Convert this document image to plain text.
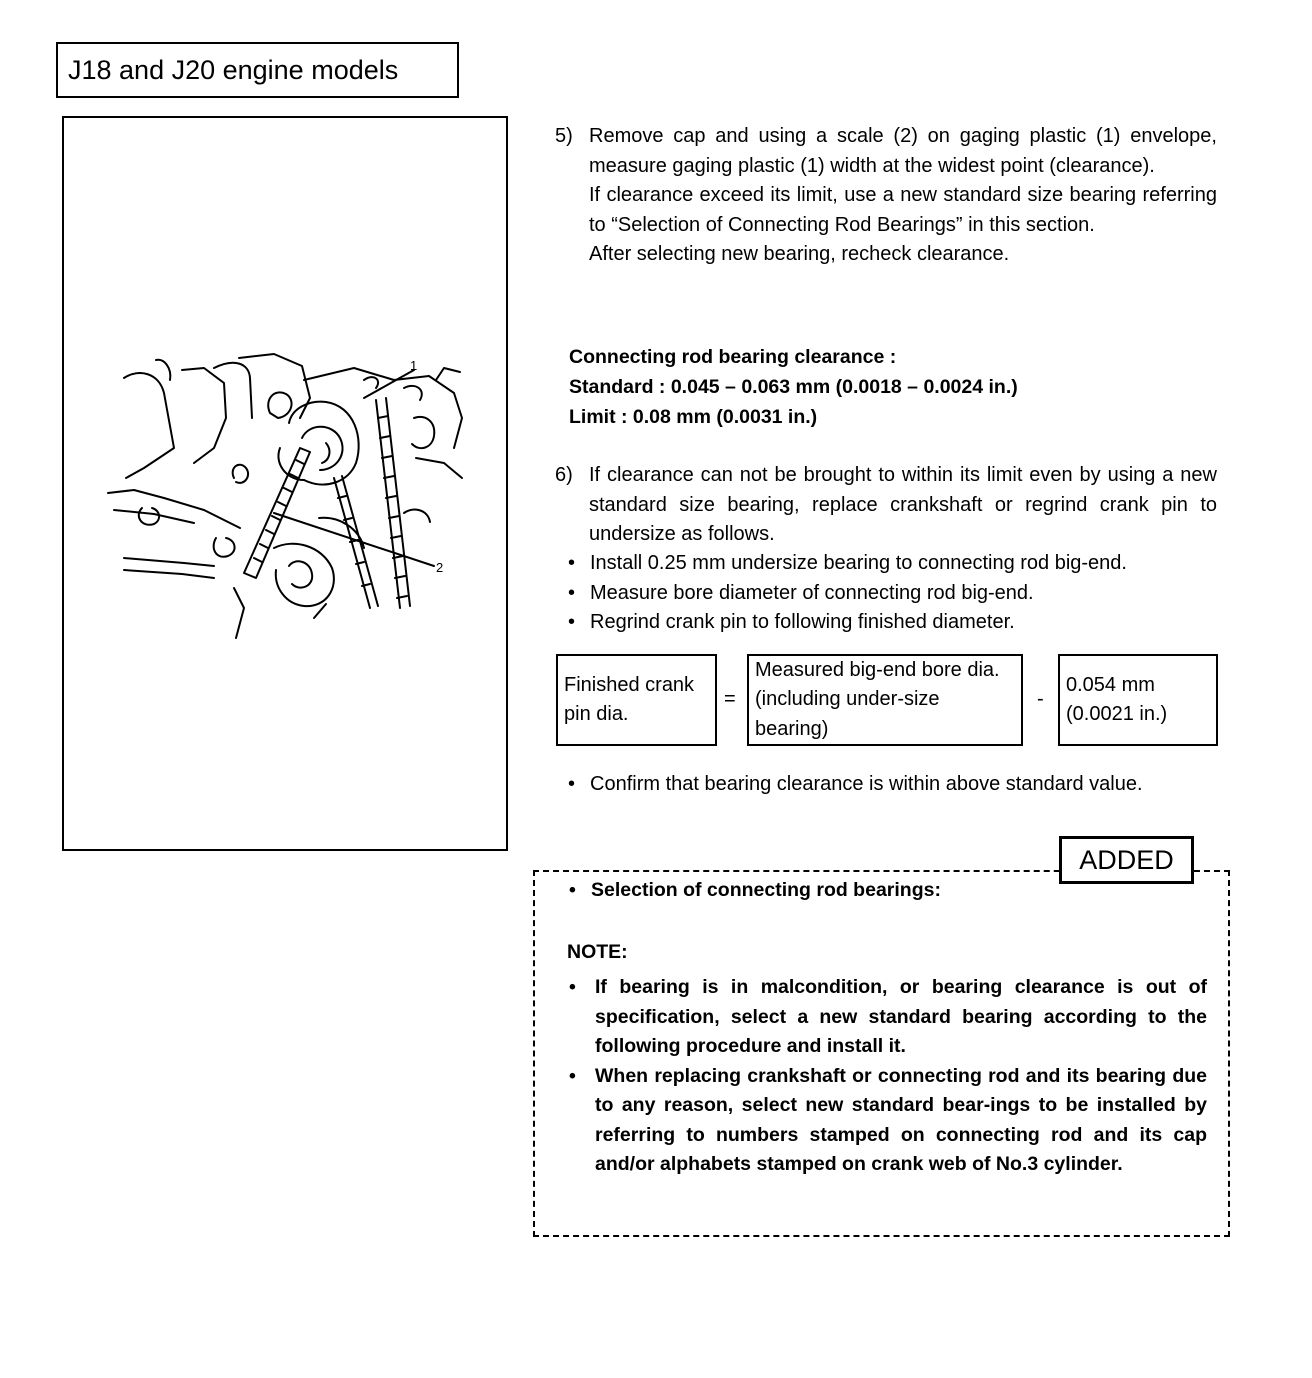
J18 and J20 engine models
1
2
5) Remove cap and using a scale (2) on gaging plastic (1) envelope, measure gaging plastic (1) width at the widest point (clearance).

If clearance exceed its limit, use a new standard size bearing referring to “Selection of Connecting Rod Bearings” in this section.

After selecting new bearing, recheck clearance.

Connecting rod bearing clearance :
Standard : 0.045 – 0.063 mm (0.0018 – 0.0024 in.)
Limit : 0.08 mm (0.0031 in.)
6) If clearance can not be brought to within its limit even by using a new standard size bearing, replace crankshaft or regrind crank pin to undersize as follows.

• Install 0.25 mm undersize bearing to connecting rod big-end.
• Measure bore diameter of connecting rod big-end.
• Regrind crank pin to following finished diameter.
Finished crank pin dia.
=
Measured big-end bore dia. (including under-size bearing)
-
0.054 mm (0.0021 in.)
• Confirm that bearing clearance is within above standard value.
ADDED
• Selection of connecting rod bearings:
NOTE:
• If bearing is in malcondition, or bearing clearance is out of specification, select a new standard bearing according to the following procedure and install it.
• When replacing crankshaft or connecting rod and its bearing due to any reason, select new standard bear-ings to be installed by referring to numbers stamped on connecting rod and its cap and/or alphabets stamped on crank web of No.3 cylinder.
